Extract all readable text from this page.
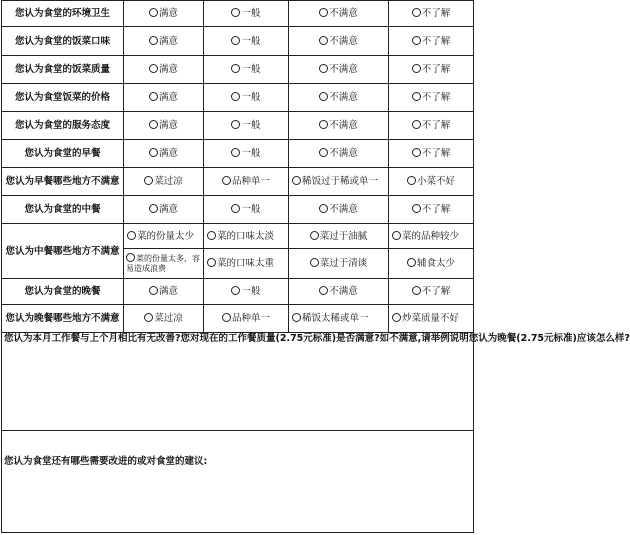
您认为食堂的环境卫生	满意	一般	不满意	不了解
您认为食堂的饭菜口味	满意	一般	不满意	不了解
您认为食堂的饭菜质量	满意	一般	不满意	不了解
您认为食堂饭菜的价格	满意	一般	不满意	不了解
您认为食堂的服务态度	满意	一般	不满意	不了解
您认为食堂的早餐	满意	一般	不满意	不了解
您认为早餐哪些地方不满意	菜过凉	品种单一	稀饭过于稀或单一	小菜不好
您认为食堂的中餐	满意	一般	不满意	不了解
您认为中餐哪些地方不满意	菜的份量太少	菜的口味太淡	菜过于油腻	菜的品种较少
	菜的份量太多，容易造成浪费	菜的口味太重	菜过于清谈	辅食太少
您认为食堂的晚餐	满意	一般	不满意	不了解
您认为晚餐哪些地方不满意	菜过凉	品种单一	稀饭太稀或单一	炒菜质量不好
您认为本月工作餐与上个月相比有无改善?您对现在的工作餐质量(2.75元标准)是否满意?如不满意,请举例说明您认为晚餐(2.75元标准)应该怎么样?				
您认为食堂还有哪些需要改进的或对食堂的建议:				
